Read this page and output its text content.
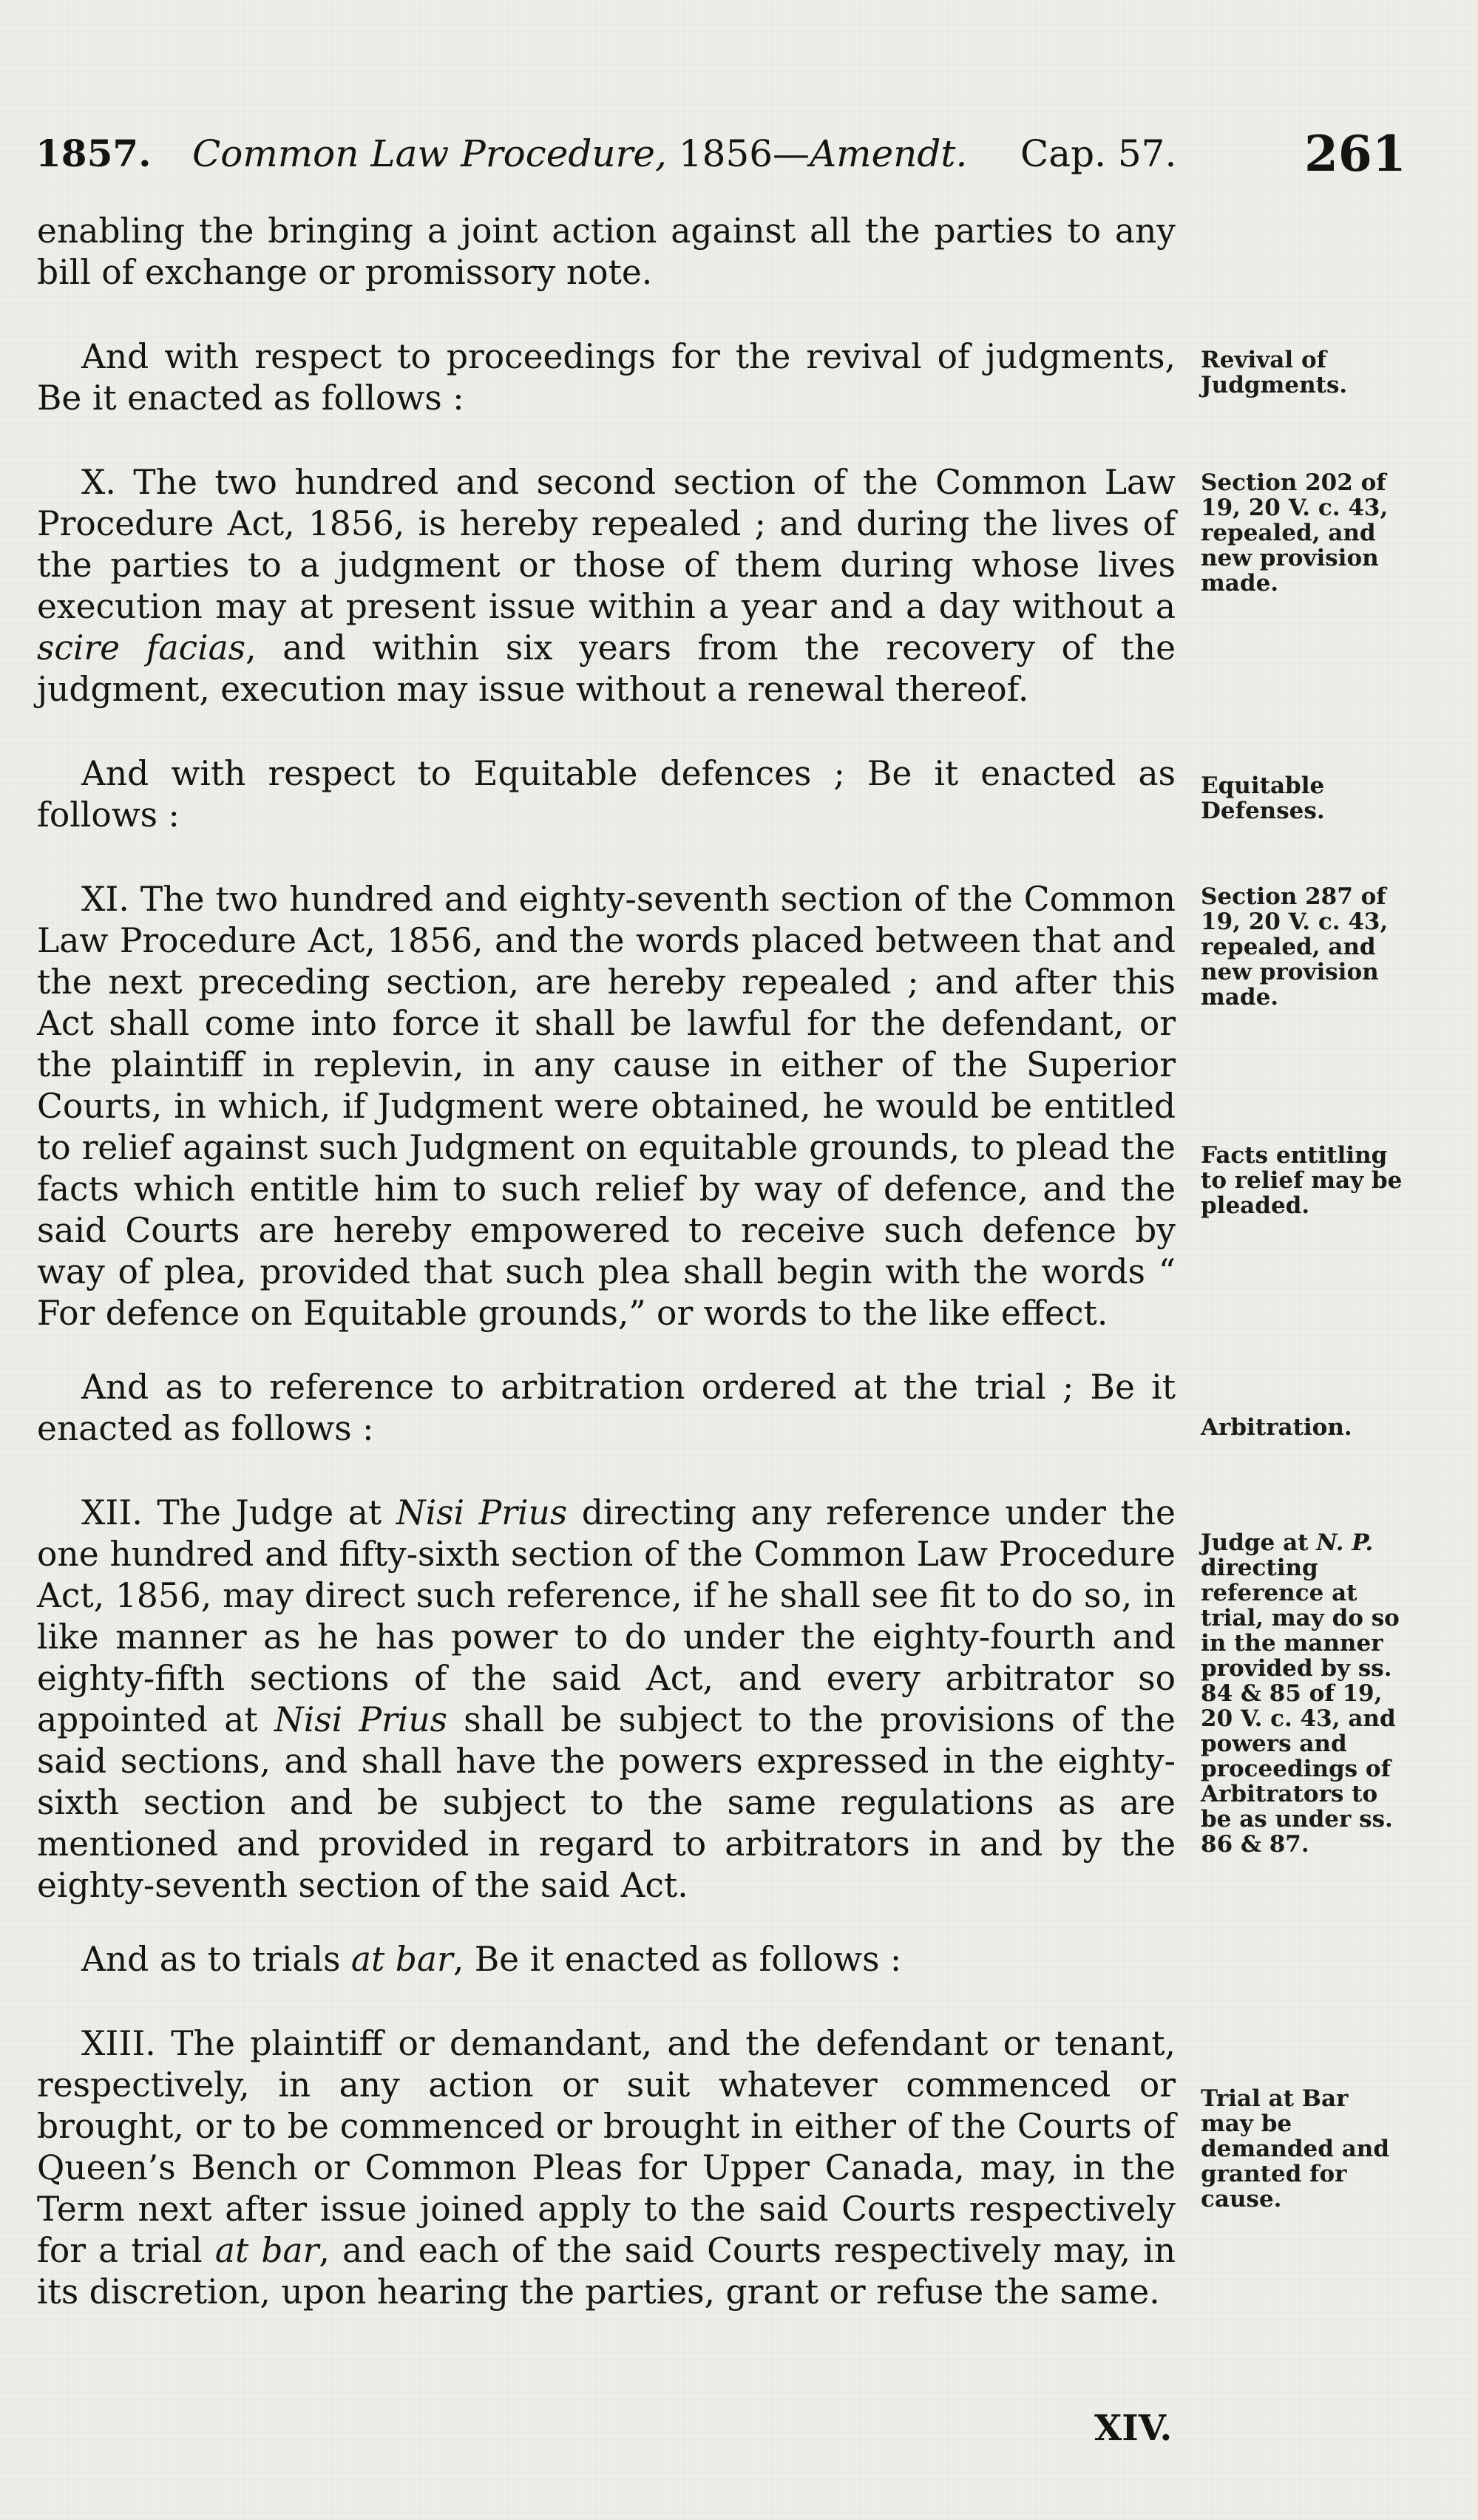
1857. Common Law Procedure, 1856—Amendt. Cap. 57.	261

enabling the bringing a joint action against all the parties to any bill of exchange or promissory note.

And with respect to proceedings for the revival of judgments, Be it enacted as follows :

X. The two hundred and second section of the Common Law Procedure Act, 1856, is hereby repealed ; and during the lives of the parties to a judgment or those of them during whose lives execution may at present issue within a year and a day without a scire facias, and within six years from the recovery of the judgment, execution may issue without a renewal thereof.

And with respect to Equitable defences ; Be it enacted as follows :

XI. The two hundred and eighty-seventh section of the Common Law Procedure Act, 1856, and the words placed between that and the next preceding section, are hereby repealed ; and after this Act shall come into force it shall be lawful for the defendant, or the plaintiff in replevin, in any cause in either of the Superior Courts, in which, if Judgment were obtained, he would be entitled to relief against such Judgment on equitable grounds, to plead the facts which entitle him to such relief by way of defence, and the said Courts are hereby empowered to receive such defence by way of plea, provided that such plea shall begin with the words “ For defence on Equitable grounds,” or words to the like effect.

And as to reference to arbitration ordered at the trial ; Be it enacted as follows :

XII. The Judge at Nisi Prius directing any reference under the one hundred and fifty-sixth section of the Common Law Procedure Act, 1856, may direct such reference, if he shall see fit to do so, in like manner as he has power to do under the eighty-fourth and eighty-fifth sections of the said Act, and every arbitrator so appointed at Nisi Prius shall be subject to the provisions of the said sections, and shall have the powers expressed in the eighty-sixth section and be subject to the same regulations as are mentioned and provided in regard to arbitrators in and by the eighty-seventh section of the said Act.

And as to trials at bar, Be it enacted as follows :

XIII. The plaintiff or demandant, and the defendant or tenant, respectively, in any action or suit whatever commenced or brought, or to be commenced or brought in either of the Courts of Queen’s Bench or Common Pleas for Upper Canada, may, in the Term next after issue joined apply to the said Courts respectively for a trial at bar, and each of the said Courts respectively may, in its discretion, upon hearing the parties, grant or refuse the same.

Revival of Judgments.
Section 202 of 19, 20 V. c. 43, repealed, and new provision made.
Equitable Defenses.
Section 287 of 19, 20 V. c. 43, repealed, and new provision made.
Facts entitling to relief may be pleaded.
Arbitration.
Judge at N. P. directing reference at trial, may do so in the manner provided by ss. 84 & 85 of 19, 20 V. c. 43, and powers and proceedings of Arbitrators to be as under ss. 86 & 87.
Trial at Bar may be demanded and granted for cause.
XIV.
